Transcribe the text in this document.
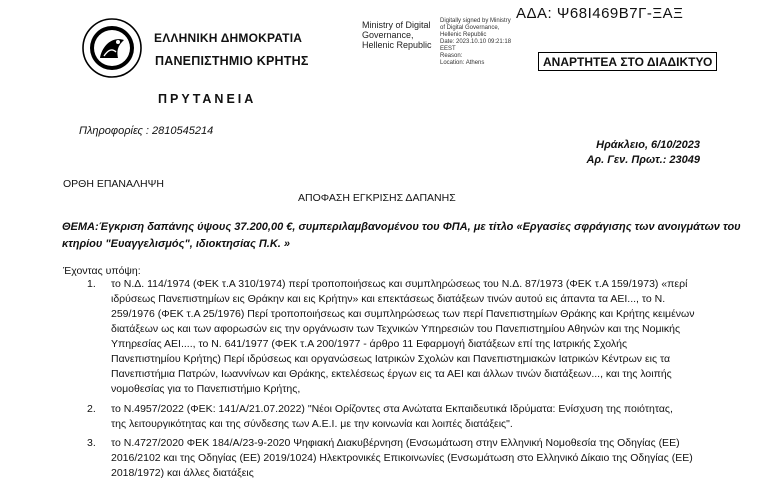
ΕΛΛΗΝΙΚΗ ΔΗΜΟΚΡΑΤΙΑ
ΠΑΝΕΠΙΣΤΗΜΙΟ ΚΡΗΤΗΣ
ΠΡΥΤΑΝΕΙΑ
Πληροφορίες : 2810545214
Ministry of Digital
Governance,
Hellenic Republic
Digitally signed by Ministry
of Digital Governance,
Hellenic Republic
Date: 2023.10.10 09:21:18
EEST
Reason:
Location: Athens
ΑΔΑ: Ψ68Ι469Β7Γ-ΞΑΞ
ΑΝΑΡΤΗΤΕΑ ΣΤΟ ΔΙΑΔΙΚΤΥΟ
Ηράκλειο, 6/10/2023
Αρ. Γεν. Πρωτ.: 23049
ΟΡΘΗ ΕΠΑΝΑΛΗΨΗ
ΑΠΟΦΑΣΗ ΕΓΚΡΙΣΗΣ ΔΑΠΑΝΗΣ
ΘΕΜΑ:Έγκριση δαπάνης ύψους 37.200,00 €, συμπεριλαμβανομένου του ΦΠΑ, με τίτλο «Εργασίες σφράγισης των ανοιγμάτων του
κτηρίου "Ευαγγελισμός", ιδιοκτησίας Π.Κ. »
Έχοντας υπόψη:
1. το Ν.Δ. 114/1974 (ΦΕΚ τ.Α 310/1974) περί τροποποιήσεως και συμπληρώσεως του Ν.Δ. 87/1973 (ΦΕΚ τ.Α 159/1973) «περί
ιδρύσεως Πανεπιστημίων εις Θράκην και εις Κρήτην» και επεκτάσεως διατάξεων τινών αυτού εις άπαντα τα ΑΕΙ..., το Ν.
259/1976 (ΦΕΚ τ.Α 25/1976) Περί τροποποιήσεως και συμπληρώσεως των περί Πανεπιστημίων Θράκης και Κρήτης κειμένων
διατάξεων ως και των αφορωσών εις την οργάνωσιν των Τεχνικών Υπηρεσιών του Πανεπιστημίου Αθηνών και της Νομικής
Υπηρεσίας ΑΕΙ...., το Ν. 641/1977 (ΦΕΚ τ.Α 200/1977 - άρθρο 11 Εφαρμογή διατάξεων επί της Ιατρικής Σχολής
Πανεπιστημίου Κρήτης) Περί ιδρύσεως και οργανώσεως Ιατρικών Σχολών και Πανεπιστημιακών Ιατρικών Κέντρων εις τα
Πανεπιστήμια Πατρών, Ιωαννίνων και Θράκης, εκτελέσεως έργων εις τα ΑΕΙ και άλλων τινών διατάξεων..., και της λοιπής
νομοθεσίας για το Πανεπιστήμιο Κρήτης,
2. το Ν.4957/2022 (ΦΕΚ: 141/Α/21.07.2022) "Νέοι Ορίζοντες στα Ανώτατα Εκπαιδευτικά Ιδρύματα: Ενίσχυση της ποιότητας,
της λειτουργικότητας και της σύνδεσης των Α.Ε.Ι. με την κοινωνία και λοιπές διατάξεις".
3. το Ν.4727/2020 ΦΕΚ 184/Α/23-9-2020 Ψηφιακή Διακυβέρνηση (Ενσωμάτωση στην Ελληνική Νομοθεσία της Οδηγίας (ΕΕ)
2016/2102 και της Οδηγίας (ΕΕ) 2019/1024) Ηλεκτρονικές Επικοινωνίες (Ενσωμάτωση στο Ελληνικό Δίκαιο της Οδηγίας (ΕΕ)
2018/1972) και άλλες διατάξεις
